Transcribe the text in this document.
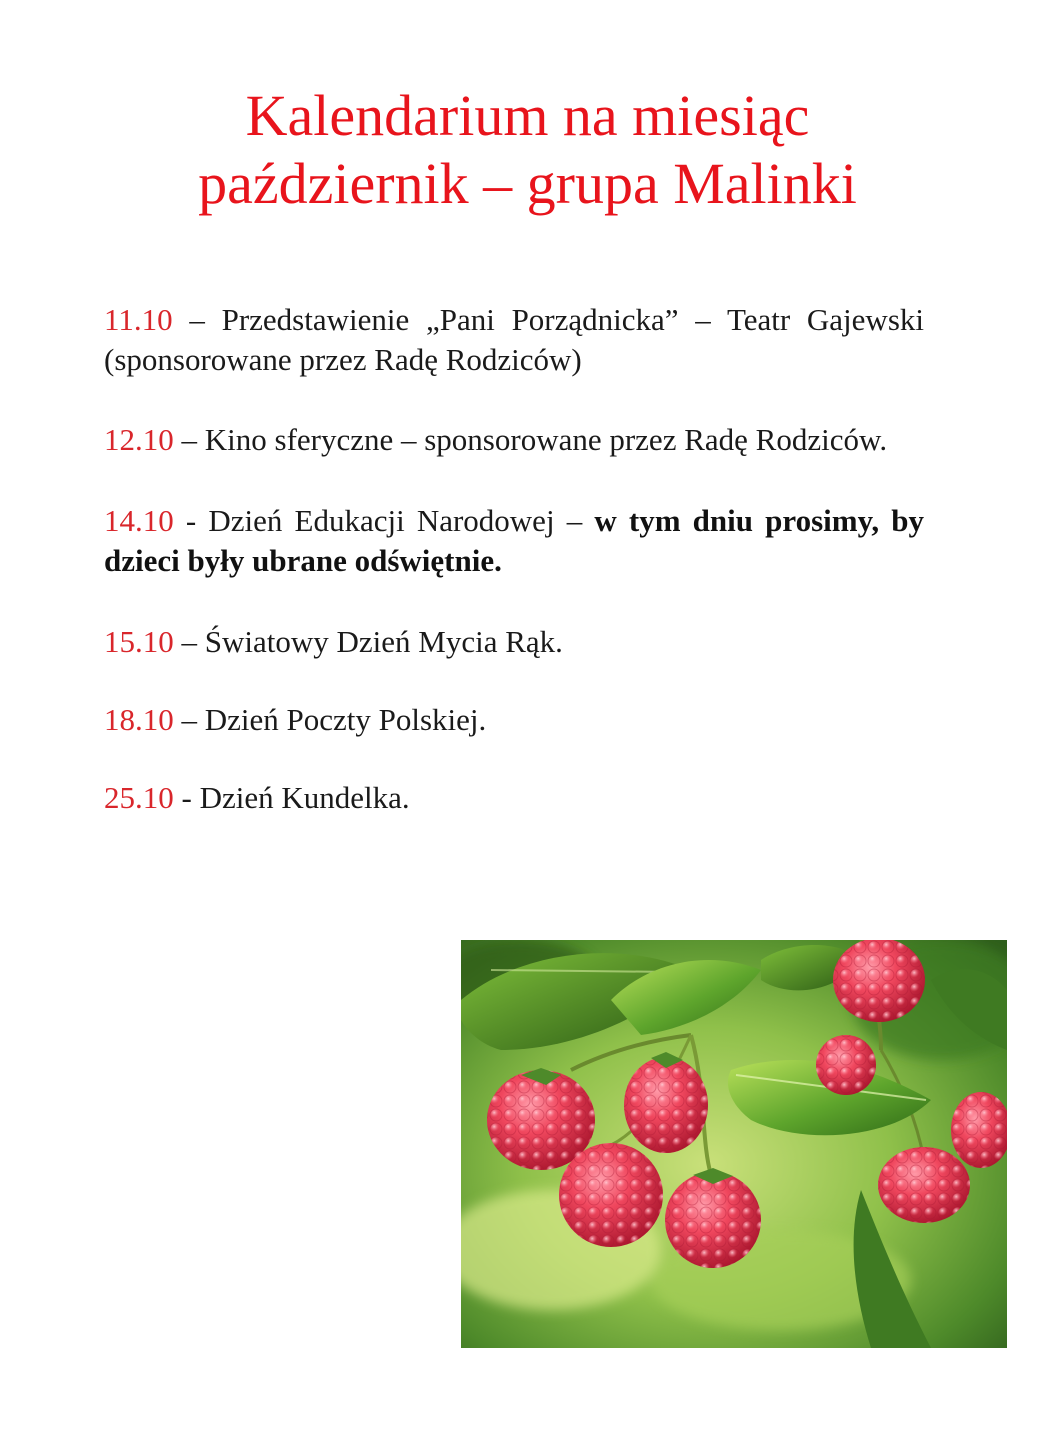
Kalendarium na miesiąc
październik – grupa Malinki

11.10 – Przedstawienie „Pani Porządnicka” – Teatr Gajewski (sponsorowane przez Radę Rodziców)

12.10 – Kino sferyczne – sponsorowane przez Radę Rodziców.

14.10 - Dzień Edukacji Narodowej – w tym dniu prosimy, by dzieci były ubrane odświętnie.

15.10 – Światowy Dzień Mycia Rąk.

18.10 – Dzień Poczty Polskiej.

25.10 - Dzień Kundelka.
